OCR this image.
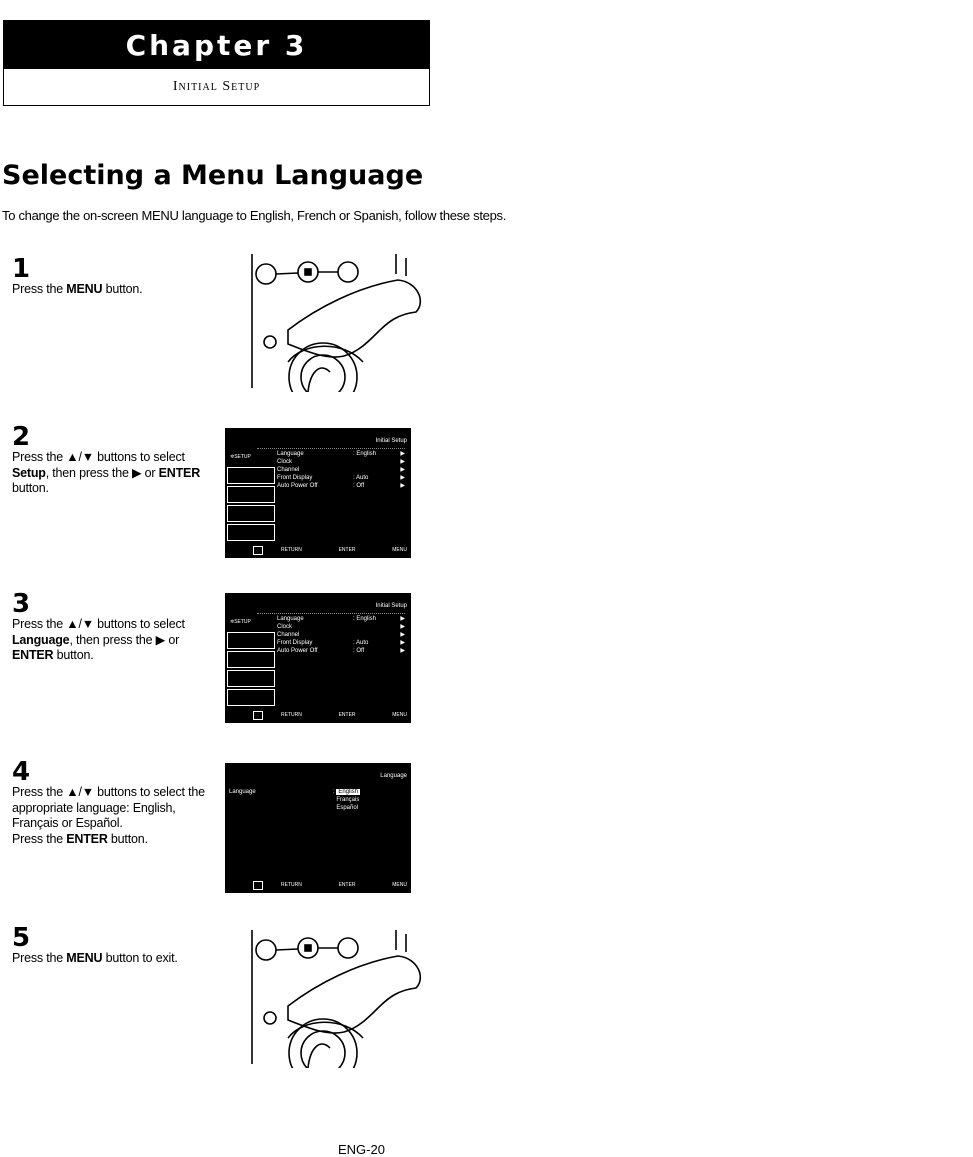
Chapter 3
Initial Setup
Selecting a Menu Language

To change the on-screen MENU language to English, French or Spanish, follow these steps.

1
Press the MENU button.
2
Press the ▲/▼ buttons to select Setup, then press the ▶ or ENTER button.
3
Press the ▲/▼ buttons to select Language, then press the ▶ or ENTER button.
4
Press the ▲/▼ buttons to select the appropriate language: English, Français or Español.
Press the ENTER button.
5
Press the MENU button to exit.
Initial Setup
✲ SETUP	Language	: English	▶
Clock	▶
Channel	▶
Front Display	: Auto	▶
Auto Power Off	: Off	▶
RETURN	ENTER	MENU
Initial Setup
✲ SETUP	Language	: English	▶
Clock	▶
Channel	▶
Front Display	: Auto	▶
Auto Power Off	: Off	▶
RETURN	ENTER	MENU
Language
Language	: English
Français
Español
RETURN	ENTER	MENU
ENG-20
